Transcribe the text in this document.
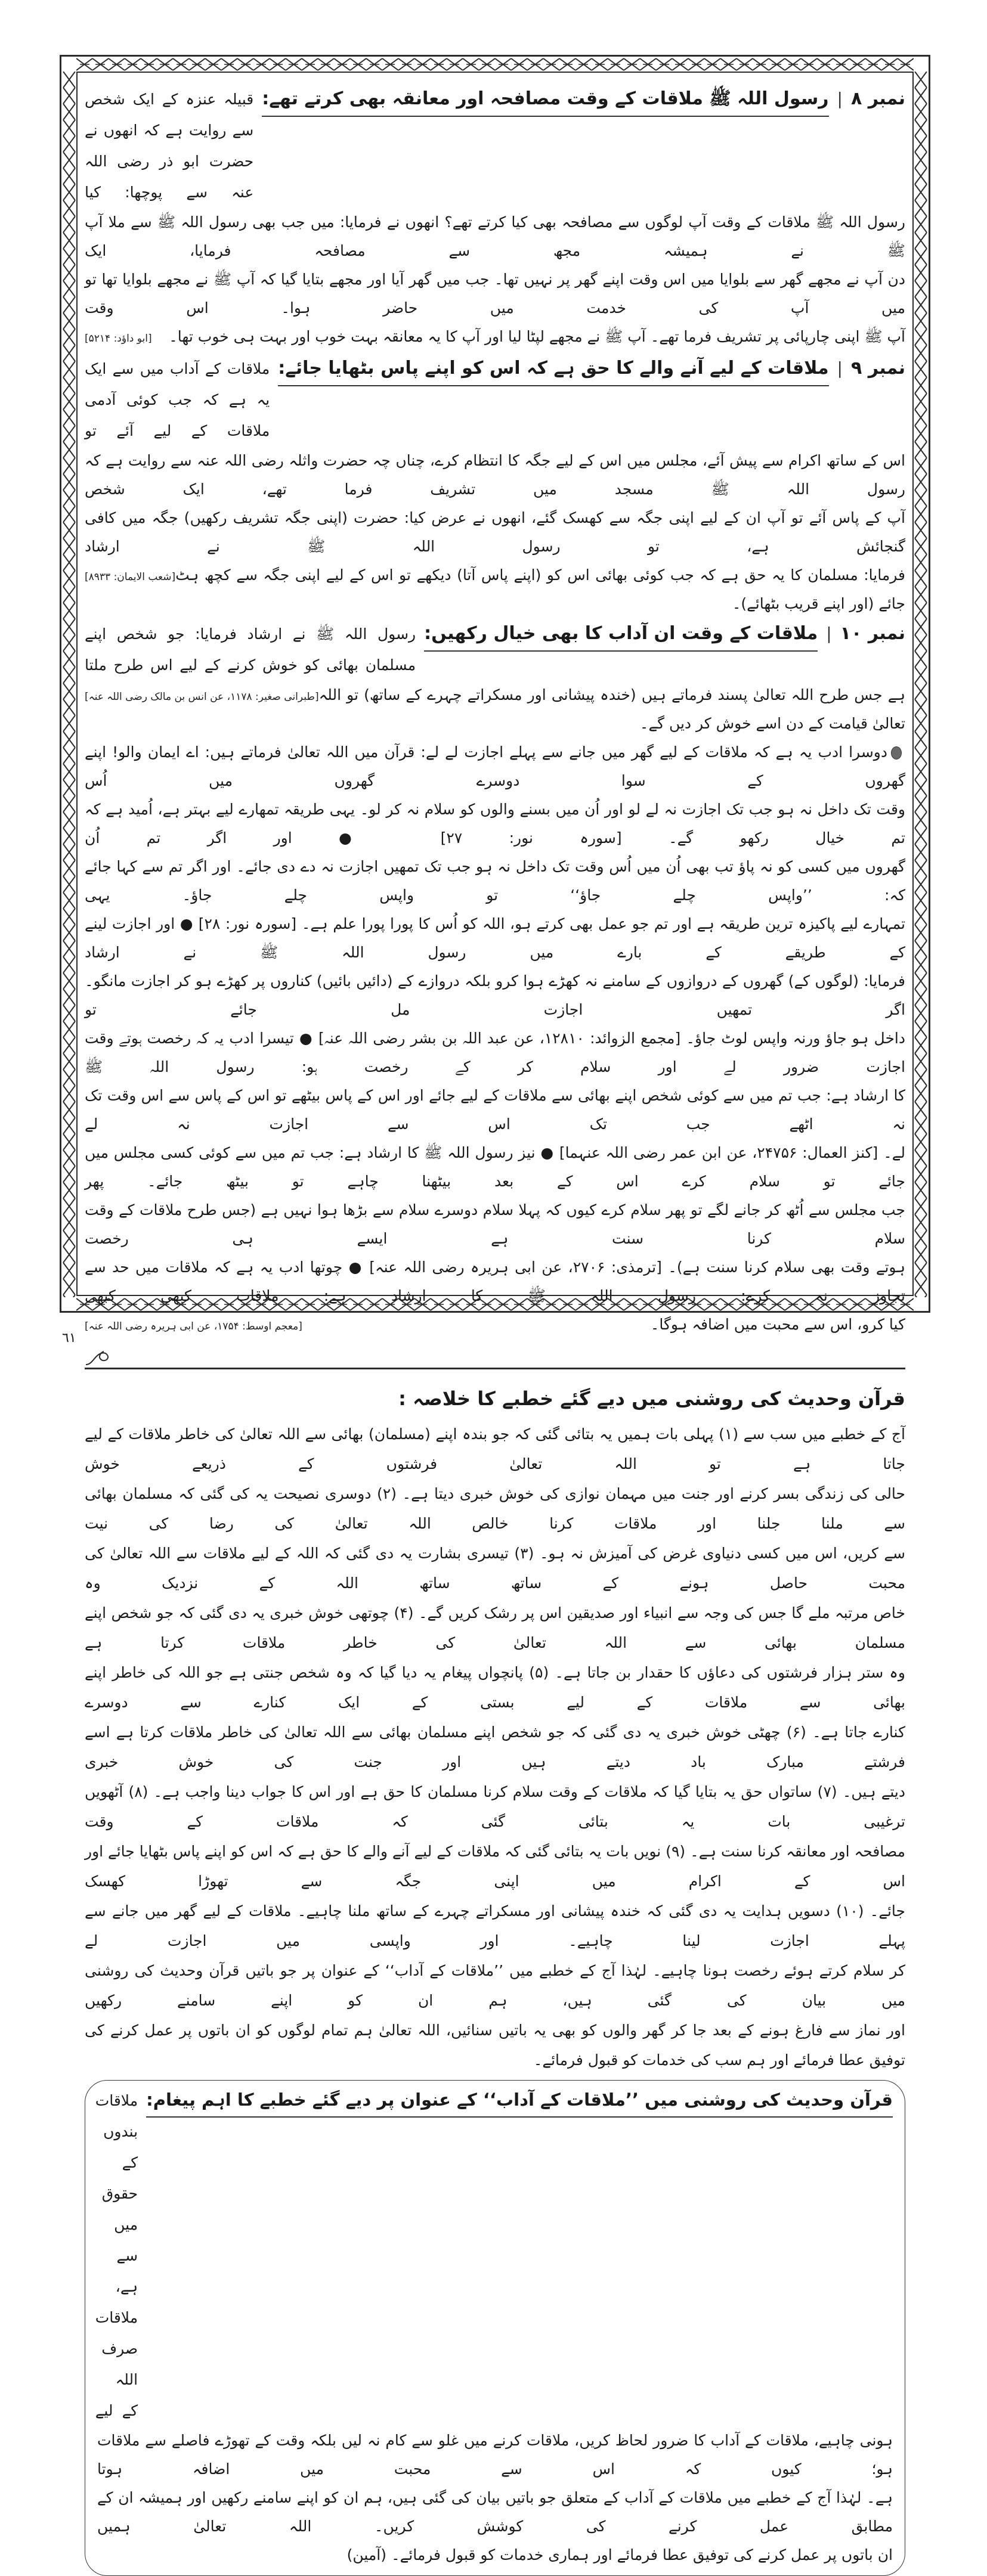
نمبر ۸
|
رسول اللہ ﷺ ملاقات کے وقت مصافحہ اور معانقہ بھی کرتے تھے:
قبیلہ عنزہ کے ایک شخص سے روایت ہے کہ انھوں نے حضرت ابو ذر رضی اللہ عنہ سے پوچھا: کیا
رسول اللہ ﷺ ملاقات کے وقت آپ لوگوں سے مصافحہ بھی کیا کرتے تھے؟ انھوں نے فرمایا: میں جب بھی رسول اللہ ﷺ سے ملا آپ ﷺ نے ہمیشہ مجھ سے مصافحہ فرمایا، ایک
دن آپ نے مجھے گھر سے بلوایا میں اس وقت اپنے گھر پر نہیں تھا۔ جب میں گھر آیا اور مجھے بتایا گیا کہ آپ ﷺ نے مجھے بلوایا تھا تو میں آپ کی خدمت میں حاضر ہوا۔ اس وقت
آپ ﷺ اپنی چارپائی پر تشریف فرما تھے۔ آپ ﷺ نے مجھے لپٹا لیا اور آپ کا یہ معانقہ بہت خوب اور بہت ہی خوب تھا۔
[ابو داؤد: ۵۲۱۴]
نمبر ۹
|
ملاقات کے لیے آنے والے کا حق ہے کہ اس کو اپنے پاس بٹھایا جائے:
ملاقات کے آداب میں سے ایک یہ ہے کہ جب کوئی آدمی ملاقات کے لیے آئے تو
اس کے ساتھ اکرام سے پیش آئے، مجلس میں اس کے لیے جگہ کا انتظام کرے، چناں چہ حضرت واثلہ رضی اللہ عنہ سے روایت ہے کہ رسول اللہ ﷺ مسجد میں تشریف فرما تھے، ایک شخص
آپ کے پاس آئے تو آپ ان کے لیے اپنی جگہ سے کھسک گئے، انھوں نے عرض کیا: حضرت (اپنی جگہ تشریف رکھیں) جگہ میں کافی گنجائش ہے، تو رسول اللہ ﷺ نے ارشاد
فرمایا: مسلمان کا یہ حق ہے کہ جب کوئی بھائی اس کو (اپنے پاس آتا) دیکھے تو اس کے لیے اپنی جگہ سے کچھ ہٹ جائے (اور اپنے قریب بٹھائے)۔
[شعب الایمان: ۸۹۳۳]
نمبر ۱۰
|
ملاقات کے وقت ان آداب کا بھی خیال رکھیں:
رسول اللہ ﷺ نے ارشاد فرمایا: جو شخص اپنے مسلمان بھائی کو خوش کرنے کے لیے اس طرح ملتا
ہے جس طرح اللہ تعالیٰ پسند فرماتے ہیں (خندہ پیشانی اور مسکراتے چہرے کے ساتھ) تو اللہ تعالیٰ قیامت کے دن اسے خوش کر دیں گے۔
[طبرانی صغیر: ۱۱۷۸، عن انس بن مالک رضی اللہ عنہ]
دوسرا ادب یہ ہے کہ ملاقات کے لیے گھر میں جانے سے پہلے اجازت لے لے: قرآن میں اللہ تعالیٰ فرماتے ہیں: اے ایمان والو! اپنے گھروں کے سوا دوسرے گھروں میں اُس
وقت تک داخل نہ ہو جب تک اجازت نہ لے لو اور اُن میں بسنے والوں کو سلام نہ کر لو۔ یہی طریقہ تمھارے لیے بہتر ہے، اُمید ہے کہ تم خیال رکھو گے۔ [سورہ نور: ۲۷] ● اور اگر تم اُن
گھروں میں کسی کو نہ پاؤ تب بھی اُن میں اُس وقت تک داخل نہ ہو جب تک تمھیں اجازت نہ دے دی جائے۔ اور اگر تم سے کہا جائے کہ: ’’واپس چلے جاؤ‘‘ تو واپس چلے جاؤ۔ یہی
تمہارے لیے پاکیزہ ترین طریقہ ہے اور تم جو عمل بھی کرتے ہو، اللہ کو اُس کا پورا پورا علم ہے۔ [سورہ نور: ۲۸] ● اور اجازت لینے کے طریقے کے بارے میں رسول اللہ ﷺ نے ارشاد
فرمایا: (لوگوں کے) گھروں کے دروازوں کے سامنے نہ کھڑے ہوا کرو بلکہ دروازے کے (دائیں بائیں) کناروں پر کھڑے ہو کر اجازت مانگو۔ اگر تمھیں اجازت مل جائے تو
داخل ہو جاؤ ورنہ واپس لوٹ جاؤ۔ [مجمع الزوائد: ۱۲۸۱۰، عن عبد اللہ بن بشر رضی اللہ عنہ] ● تیسرا ادب یہ کہ رخصت ہوتے وقت اجازت ضرور لے اور سلام کر کے رخصت ہو: رسول اللہ ﷺ
کا ارشاد ہے: جب تم میں سے کوئی شخص اپنے بھائی سے ملاقات کے لیے جائے اور اس کے پاس بیٹھے تو اس کے پاس سے اس وقت تک نہ اٹھے جب تک اس سے اجازت نہ لے
لے۔ [کنز العمال: ۲۴۷۵۶، عن ابن عمر رضی اللہ عنہما] ● نیز رسول اللہ ﷺ کا ارشاد ہے: جب تم میں سے کوئی کسی مجلس میں جائے تو سلام کرے اس کے بعد بیٹھنا چاہے تو بیٹھ جائے۔ پھر
جب مجلس سے اُٹھ کر جانے لگے تو پھر سلام کرے کیوں کہ پہلا سلام دوسرے سلام سے بڑھا ہوا نہیں ہے (جس طرح ملاقات کے وقت سلام کرنا سنت ہے ایسے ہی رخصت
ہوتے وقت بھی سلام کرنا سنت ہے)۔ [ترمذی: ۲۷۰۶، عن ابی ہریرہ رضی اللہ عنہ] ● چوتھا ادب یہ ہے کہ ملاقات میں حد سے تجاوز نہ کرے: رسول اللہ ﷺ کا ارشاد ہے: ملاقات کبھی کبھی
کیا کرو، اس سے محبت میں اضافہ ہوگا۔
[معجم اوسط: ۱۷۵۴، عن ابی ہریرہ رضی اللہ عنہ]
قرآن وحدیث کی روشنی میں دیے گئے خطبے کا خلاصہ :
آج کے خطبے میں سب سے (۱) پہلی بات ہمیں یہ بتائی گئی کہ جو بندہ اپنے (مسلمان) بھائی سے اللہ تعالیٰ کی خاطر ملاقات کے لیے جاتا ہے تو اللہ تعالیٰ فرشتوں کے ذریعے خوش
حالی کی زندگی بسر کرنے اور جنت میں مہمان نوازی کی خوش خبری دیتا ہے۔ (۲) دوسری نصیحت یہ کی گئی کہ مسلمان بھائی سے ملنا جلنا اور ملاقات کرنا خالص اللہ تعالیٰ کی رضا کی نیت
سے کریں، اس میں کسی دنیاوی غرض کی آمیزش نہ ہو۔ (۳) تیسری بشارت یہ دی گئی کہ اللہ کے لیے ملاقات سے اللہ تعالیٰ کی محبت حاصل ہونے کے ساتھ ساتھ اللہ کے نزدیک وہ
خاص مرتبہ ملے گا جس کی وجہ سے انبیاء اور صدیقین اس پر رشک کریں گے۔ (۴) چوتھی خوش خبری یہ دی گئی کہ جو شخص اپنے مسلمان بھائی سے اللہ تعالیٰ کی خاطر ملاقات کرتا ہے
وہ ستر ہزار فرشتوں کی دعاؤں کا حقدار بن جاتا ہے۔ (۵) پانچواں پیغام یہ دیا گیا کہ وہ شخص جنتی ہے جو اللہ کی خاطر اپنے بھائی سے ملاقات کے لیے بستی کے ایک کنارے سے دوسرے
کنارے جاتا ہے۔ (۶) چھٹی خوش خبری یہ دی گئی کہ جو شخص اپنے مسلمان بھائی سے اللہ تعالیٰ کی خاطر ملاقات کرتا ہے اسے فرشتے مبارک باد دیتے ہیں اور جنت کی خوش خبری
دیتے ہیں۔ (۷) ساتواں حق یہ بتایا گیا کہ ملاقات کے وقت سلام کرنا مسلمان کا حق ہے اور اس کا جواب دینا واجب ہے۔ (۸) آٹھویں ترغیبی بات یہ بتائی گئی کہ ملاقات کے وقت
مصافحہ اور معانقہ کرنا سنت ہے۔ (۹) نویں بات یہ بتائی گئی کہ ملاقات کے لیے آنے والے کا حق ہے کہ اس کو اپنے پاس بٹھایا جائے اور اس کے اکرام میں اپنی جگہ سے تھوڑا کھسک
جائے۔ (۱۰) دسویں ہدایت یہ دی گئی کہ خندہ پیشانی اور مسکراتے چہرے کے ساتھ ملنا چاہیے۔ ملاقات کے لیے گھر میں جانے سے پہلے اجازت لینا چاہیے۔ اور واپسی میں اجازت لے
کر سلام کرتے ہوئے رخصت ہونا چاہیے۔ لہٰذا آج کے خطبے میں ’’ملاقات کے آداب‘‘ کے عنوان پر جو باتیں قرآن وحدیث کی روشنی میں بیان کی گئی ہیں، ہم ان کو اپنے سامنے رکھیں
اور نماز سے فارغ ہونے کے بعد جا کر گھر والوں کو بھی یہ باتیں سنائیں، اللہ تعالیٰ ہم تمام لوگوں کو ان باتوں پر عمل کرنے کی توفیق عطا فرمائے اور ہم سب کی خدمات کو قبول فرمائے۔
قرآن وحدیث کی روشنی میں ’’ملاقات کے آداب‘‘ کے عنوان پر دیے گئے خطبے کا اہم پیغام:
ملاقات بندوں کے حقوق میں سے ہے، ملاقات صرف اللہ کے لیے
ہونی چاہیے، ملاقات کے آداب کا ضرور لحاظ کریں، ملاقات کرنے میں غلو سے کام نہ لیں بلکہ وقت کے تھوڑے فاصلے سے ملاقات ہو؛ کیوں کہ اس سے محبت میں اضافہ ہوتا
ہے۔ لہٰذا آج کے خطبے میں ملاقات کے آداب کے متعلق جو باتیں بیان کی گئی ہیں، ہم ان کو اپنے سامنے رکھیں اور ہمیشہ ان کے مطابق عمل کرنے کی کوشش کریں۔ اللہ تعالیٰ ہمیں
ان باتوں پر عمل کرنے کی توفیق عطا فرمائے اور ہماری خدمات کو قبول فرمائے۔ (آمین)
٦١
